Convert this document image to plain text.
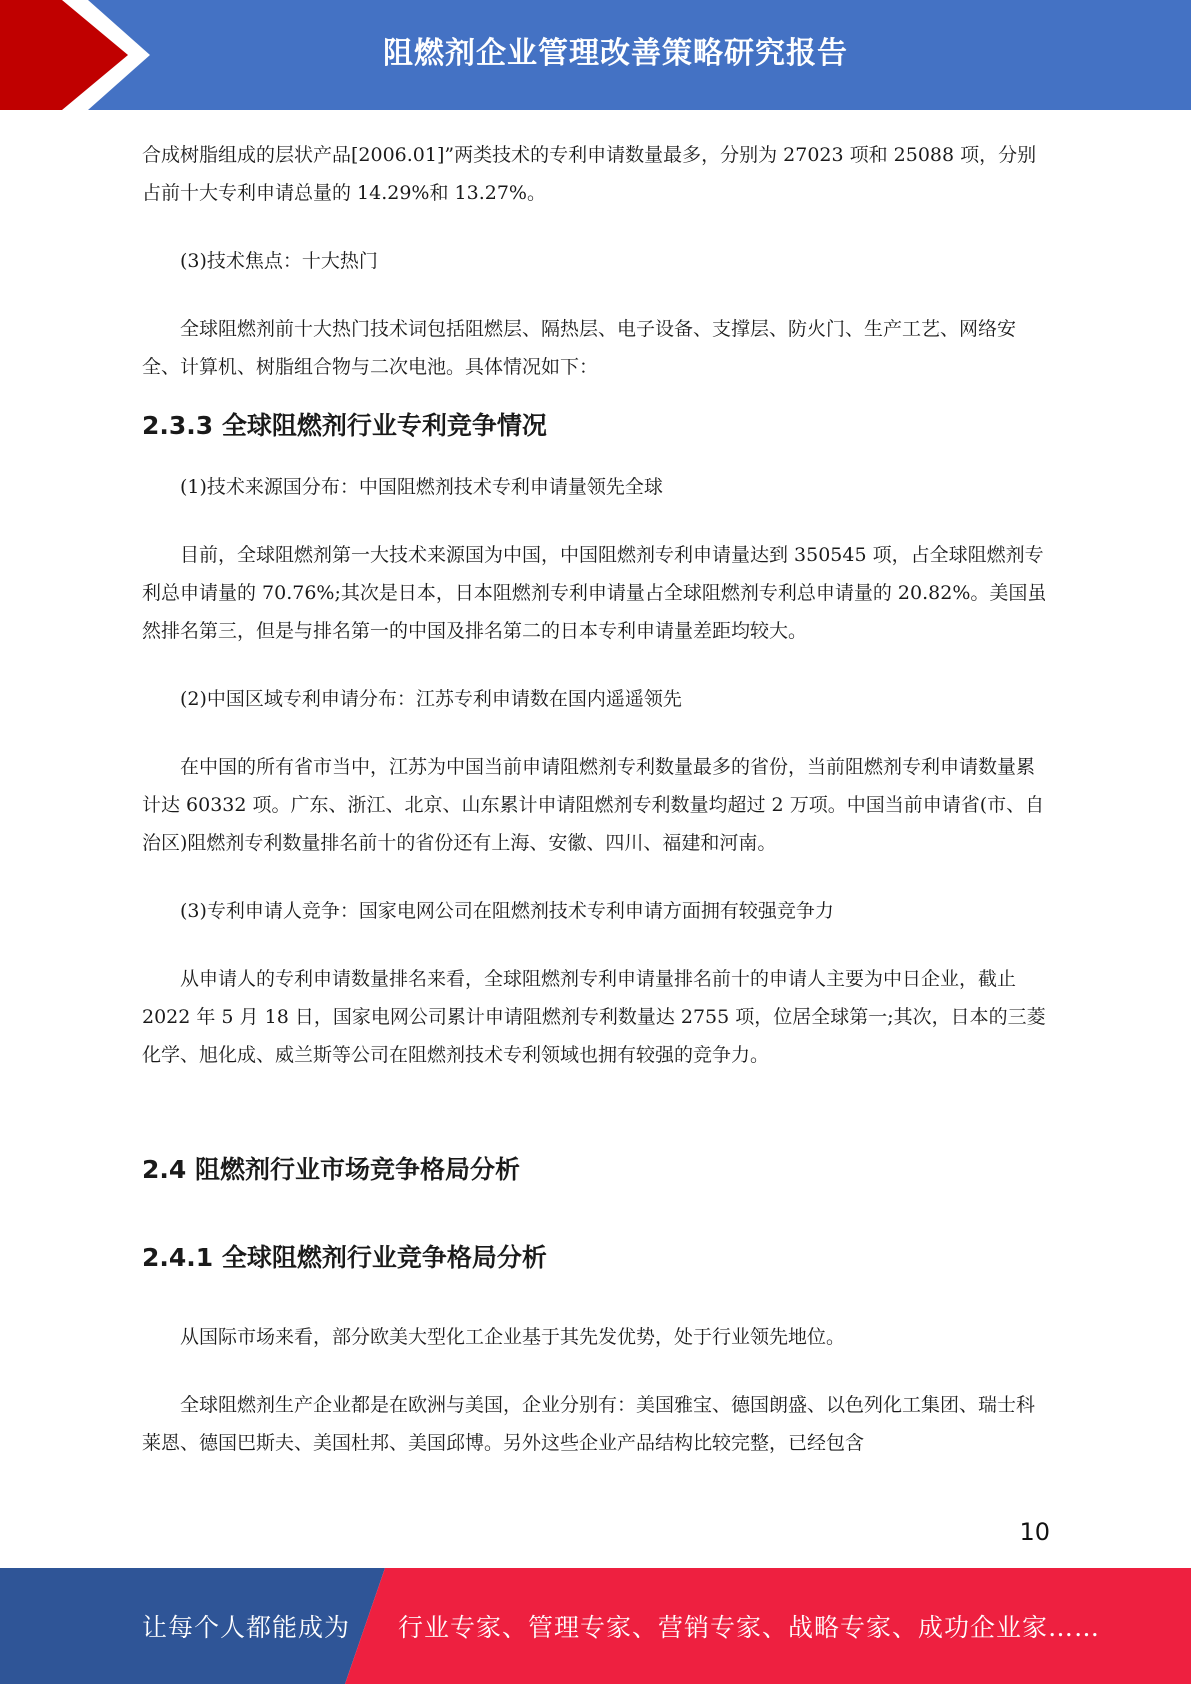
阻燃剂企业管理改善策略研究报告

合成树脂组成的层状产品[2006.01]”两类技术的专利申请数量最多，分别为 27023 项和 25088 项，分别占前十大专利申请总量的 14.29%和 13.27%。

(3)技术焦点：十大热门

全球阻燃剂前十大热门技术词包括阻燃层、隔热层、电子设备、支撑层、防火门、生产工艺、网络安全、计算机、树脂组合物与二次电池。具体情况如下：

2.3.3 全球阻燃剂行业专利竞争情况

(1)技术来源国分布：中国阻燃剂技术专利申请量领先全球

目前，全球阻燃剂第一大技术来源国为中国，中国阻燃剂专利申请量达到 350545 项，占全球阻燃剂专利总申请量的 70.76%;其次是日本，日本阻燃剂专利申请量占全球阻燃剂专利总申请量的 20.82%。美国虽然排名第三，但是与排名第一的中国及排名第二的日本专利申请量差距均较大。

(2)中国区域专利申请分布：江苏专利申请数在国内遥遥领先

在中国的所有省市当中，江苏为中国当前申请阻燃剂专利数量最多的省份，当前阻燃剂专利申请数量累计达 60332 项。广东、浙江、北京、山东累计申请阻燃剂专利数量均超过 2 万项。中国当前申请省(市、自治区)阻燃剂专利数量排名前十的省份还有上海、安徽、四川、福建和河南。

(3)专利申请人竞争：国家电网公司在阻燃剂技术专利申请方面拥有较强竞争力

从申请人的专利申请数量排名来看，全球阻燃剂专利申请量排名前十的申请人主要为中日企业，截止 2022 年 5 月 18 日，国家电网公司累计申请阻燃剂专利数量达 2755 项，位居全球第一;其次，日本的三菱化学、旭化成、威兰斯等公司在阻燃剂技术专利领域也拥有较强的竞争力。

2.4 阻燃剂行业市场竞争格局分析

2.4.1 全球阻燃剂行业竞争格局分析

从国际市场来看，部分欧美大型化工企业基于其先发优势，处于行业领先地位。

全球阻燃剂生产企业都是在欧洲与美国，企业分别有：美国雅宝、德国朗盛、以色列化工集团、瑞士科莱恩、德国巴斯夫、美国杜邦、美国邱博。另外这些企业产品结构比较完整，已经包含

10
让每个人都能成为 行业专家、管理专家、营销专家、战略专家、成功企业家……
